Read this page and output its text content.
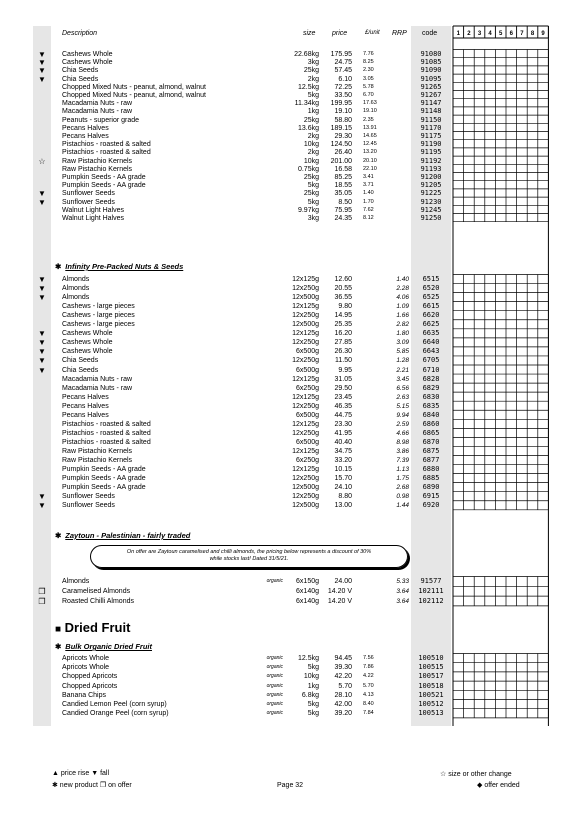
Description	size price	£/unit RRP code	1 2 3 4 5 6 7 8 9
▼ Cashews Whole	22.68kg	175.95 7.76	91080
▼ Cashews Whole	3kg	24.75 8.25	91085
▼ Chia Seeds	25kg	57.45 2.30	91090
▼ Chia Seeds	2kg	6.10 3.05	91095
Chopped Mixed Nuts - peanut, almond, walnut	12.5kg	72.25 5.78	91265
Chopped Mixed Nuts - peanut, almond, walnut	5kg	33.50 6.70	91267
Macadamia Nuts - raw	11.34kg	199.95 17.63	91147
Macadamia Nuts - raw	1kg	19.10 19.10	91148
Peanuts - superior grade	25kg	58.80 2.35	91150
Pecans Halves	13.6kg	189.15 13.91	91170
Pecans Halves	2kg	29.30 14.65	91175
Pistachios - roasted & salted	10kg	124.50 12.45	91190
Pistachios - roasted & salted	2kg	26.40 13.20	91195
☆ Raw Pistachio Kernels	10kg	201.00 20.10	91192
Raw Pistachio Kernels	0.75kg	16.58 22.10	91193
Pumpkin Seeds - AA grade	25kg	85.25 3.41	91200
Pumpkin Seeds - AA grade	5kg	18.55 3.71	91205
▼ Sunflower Seeds	25kg	35.05 1.40	91225
▼ Sunflower Seeds	5kg	8.50 1.70	91230
Walnut Light Halves	9.97kg	75.95 7.62	91245
Walnut Light Halves	3kg	24.35 8.12	91250
▼ Almonds	12x125g	12.60	1.40	6515
▼ Almonds	12x250g	20.55	2.28	6520
▼ Almonds	12x500g	36.55	4.06	6525
Cashews - large pieces	12x125g	9.80	1.09	6615
Cashews - large pieces	12x250g	14.95	1.66	6620
Cashews - large pieces	12x500g	25.35	2.82	6625
▼ Cashews Whole	12x125g	16.20	1.80	6635
▼ Cashews Whole	12x250g	27.85	3.09	6640
▼ Cashews Whole	6x500g	26.30	5.85	6643
▼ Chia Seeds	12x250g	11.50	1.28	6705
▼ Chia Seeds	6x500g	9.95	2.21	6710
Macadamia Nuts - raw	12x125g	31.05	3.45	6828
Macadamia Nuts - raw	6x250g	29.50	6.56	6829
Pecans Halves	12x125g	23.45	2.63	6830
Pecans Halves	12x250g	46.35	5.15	6835
Pecans Halves	6x500g	44.75	9.94	6840
Pistachios - roasted & salted	12x125g	23.30	2.59	6860
Pistachios - roasted & salted	12x250g	41.95	4.66	6865
Pistachios - roasted & salted	6x500g	40.40	8.98	6870
Raw Pistachio Kernels	12x125g	34.75	3.86	6875
Raw Pistachio Kernels	6x250g	33.20	7.39	6877
Pumpkin Seeds - AA grade	12x125g	10.15	1.13	6880
Pumpkin Seeds - AA grade	12x250g	15.70	1.75	6885
Pumpkin Seeds - AA grade	12x500g	24.10	2.68	6890
▼ Sunflower Seeds	12x250g	8.80	0.98	6915
▼ Sunflower Seeds	12x500g	13.00	1.44	6920
Almonds	organic	6x150g	24.00	5.33	91577
❐ Caramelised Almonds	6x140g	14.20 V	3.64	102111
❐ Roasted Chilli Almonds	6x140g	14.20 V	3.64	102112
Apricots Whole	organic	12.5kg	94.45 7.56	100510
Apricots Whole	organic	5kg	39.30 7.86	100515
Chopped Apricots	organic	10kg	42.20 4.22	100517
Chopped Apricots	organic	1kg	5.70 5.70	100518
Banana Chips	organic	6.8kg	28.10 4.13	100521
Candied Lemon Peel (corn syrup)	organic	5kg	42.00 8.40	100512
Candied Orange Peel (corn syrup)	organic	5kg	39.20 7.84	100513
✱ Infinity Pre-Packed Nuts & Seeds
✱ Zaytoun - Palestinian - fairly traded
On offer are Zaytoun caramelised and chilli almonds, the pricing below represents a discount of 30%
while stocks last! Dated 31/5/21.
■ Dried Fruit
✱ Bulk Organic Dried Fruit
▲ price rise ▼ fall
✱ new product ❐ on offer	Page 32
☆ size or other change
◆ offer ended
